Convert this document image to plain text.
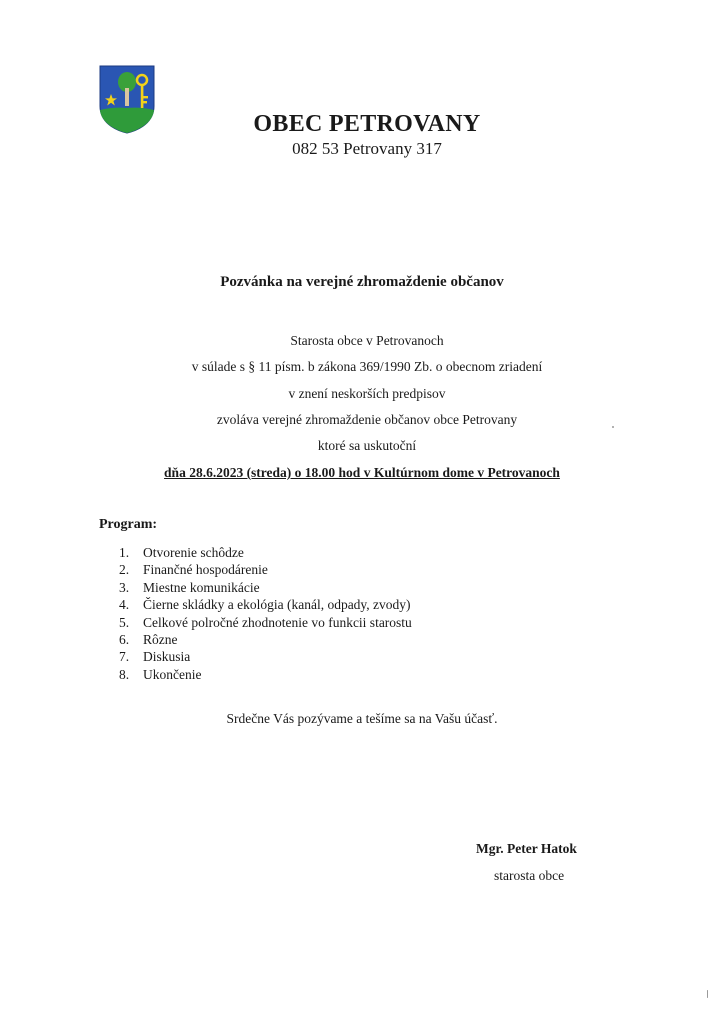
OBEC PETROVANY
082 53 Petrovany 317
Pozvánka na verejné zhromaždenie občanov
Starosta obce v Petrovanoch
v súlade s § 11 písm. b zákona 369/1990 Zb. o obecnom zriadení
v znení neskorších predpisov
zvoláva verejné zhromaždenie občanov obce Petrovany
ktoré sa uskutoční
dňa 28.6.2023 (streda) o 18.00 hod v Kultúrnom dome v Petrovanoch
Program:
1. Otvorenie schôdze
2. Finančné hospodárenie
3. Miestne komunikácie
4. Čierne skládky a ekológia (kanál, odpady, zvody)
5. Celkové polročné zhodnotenie vo funkcii starostu
6. Rôzne
7. Diskusia
8. Ukončenie
Srdečne Vás pozývame a tešíme sa na Vašu účasť.
Mgr. Peter Hatok
starosta obce
